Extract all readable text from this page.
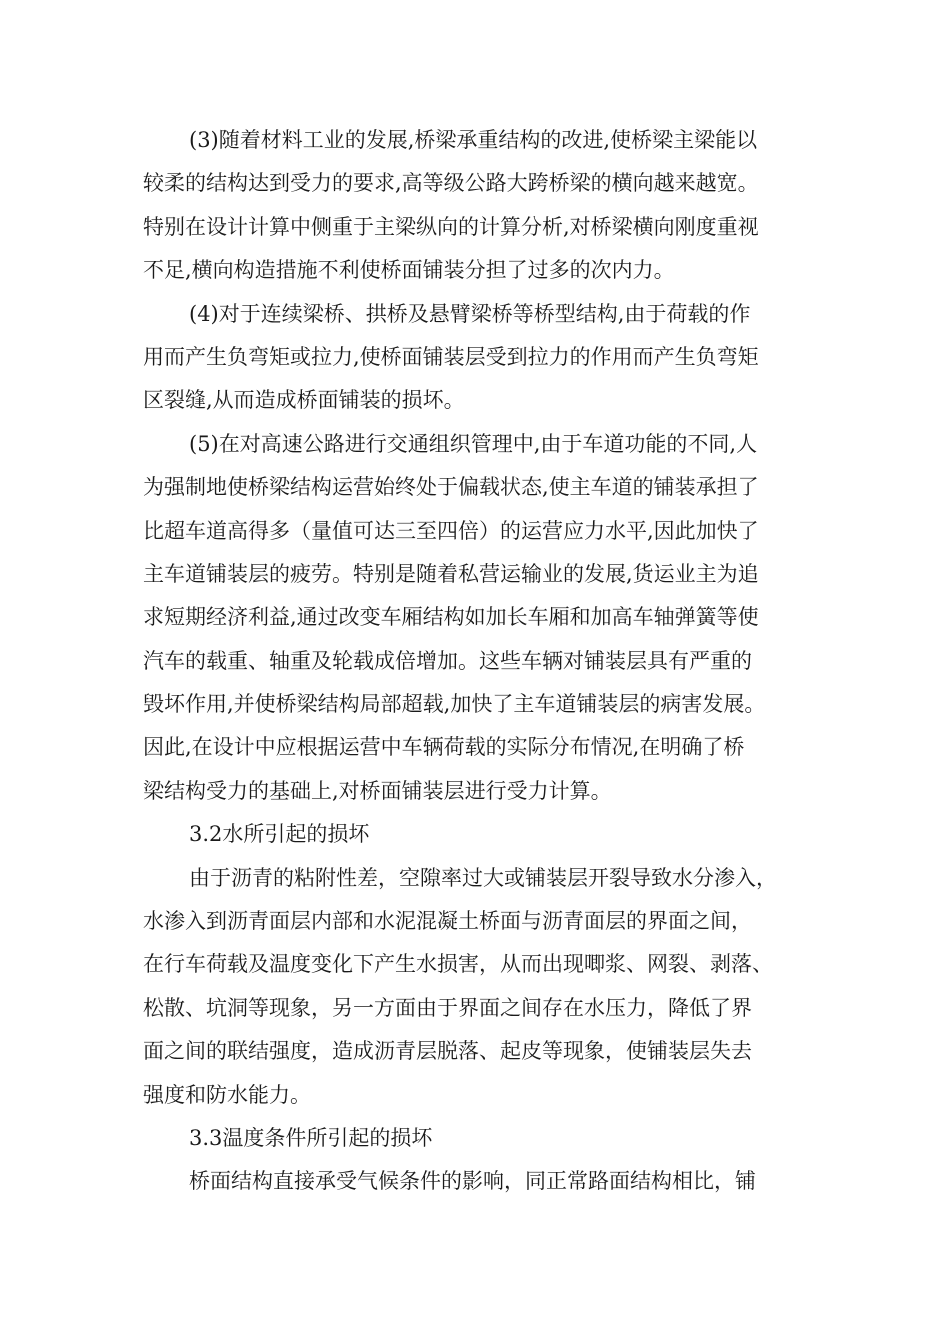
(3)随着材料工业的发展,桥梁承重结构的改进,使桥梁主梁能以
较柔的结构达到受力的要求,高等级公路大跨桥梁的横向越来越宽。
特别在设计计算中侧重于主梁纵向的计算分析,对桥梁横向刚度重视
不足,横向构造措施不利使桥面铺装分担了过多的次内力。
(4)对于连续梁桥、拱桥及悬臂梁桥等桥型结构,由于荷载的作
用而产生负弯矩或拉力,使桥面铺装层受到拉力的作用而产生负弯矩
区裂缝,从而造成桥面铺装的损坏。
(5)在对高速公路进行交通组织管理中,由于车道功能的不同,人
为强制地使桥梁结构运营始终处于偏载状态,使主车道的铺装承担了
比超车道高得多（量值可达三至四倍）的运营应力水平,因此加快了
主车道铺装层的疲劳。特别是随着私营运输业的发展,货运业主为追
求短期经济利益,通过改变车厢结构如加长车厢和加高车轴弹簧等使
汽车的载重、轴重及轮载成倍增加。这些车辆对铺装层具有严重的
毁坏作用,并使桥梁结构局部超载,加快了主车道铺装层的病害发展。
因此,在设计中应根据运营中车辆荷载的实际分布情况,在明确了桥
梁结构受力的基础上,对桥面铺装层进行受力计算。
3.2水所引起的损坏
由于沥青的粘附性差，空隙率过大或铺装层开裂导致水分渗入，
水渗入到沥青面层内部和水泥混凝土桥面与沥青面层的界面之间，
在行车荷载及温度变化下产生水损害，从而出现唧浆、网裂、剥落、
松散、坑洞等现象，另一方面由于界面之间存在水压力，降低了界
面之间的联结强度，造成沥青层脱落、起皮等现象，使铺装层失去
强度和防水能力。
3.3温度条件所引起的损坏
桥面结构直接承受气候条件的影响，同正常路面结构相比，铺
